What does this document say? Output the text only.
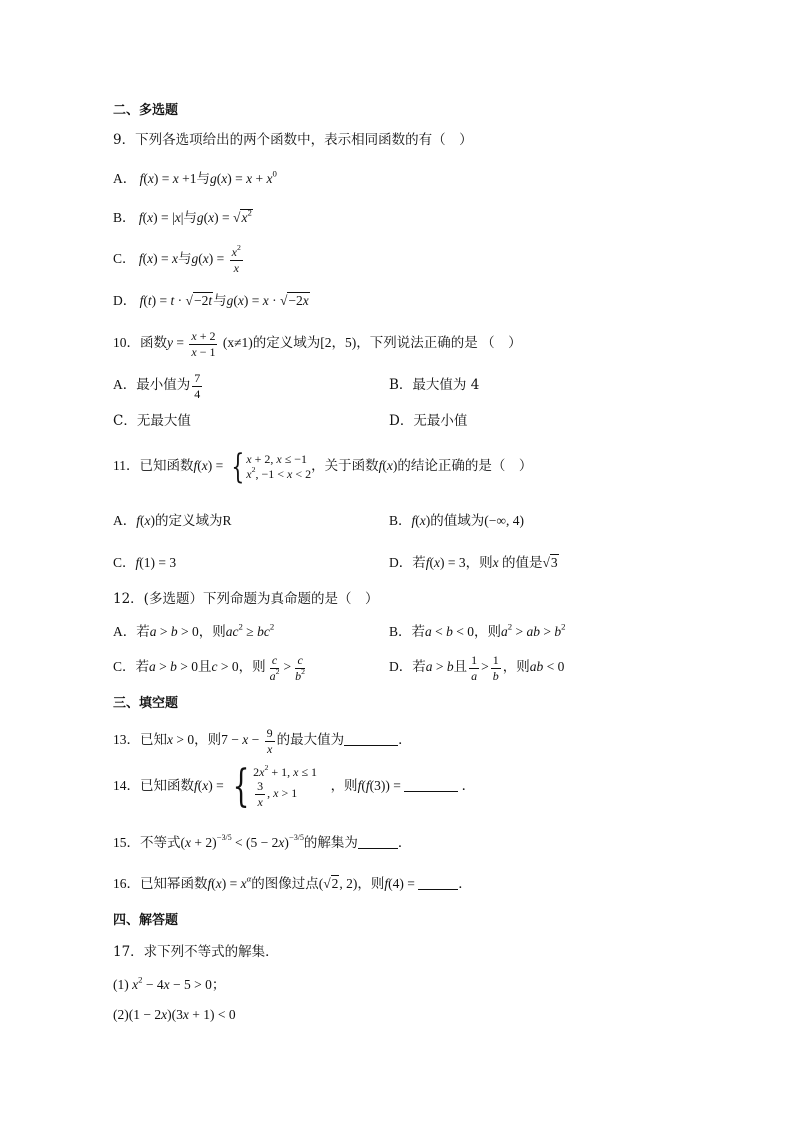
二、多选题
9．下列各选项给出的两个函数中，表示相同函数的有（　）
A． f(x) = x +1与$g(x) = x + x^0$
B． f(x) = |x|与$g(x) = √x^2$
C． f(x) = x与$g(x) = \frac{x^2}{x}$
D． f(t) = t · √−2t与g(x) = x · √−2x
10．函数$y = \frac{x + 2}{x - 1} (x\ne 1)$的定义域为[2，5)，下列说法正确的是 （　）
A．最小值为 $\frac{7}{4}$	B．最大值为 4
C．无最大值	D．无最小值
11．已知函数f(x) = { x + 2, x ≤ −1
$x^2$, −1 < x < 2
，关于函数f(x)的结论正确的是（　）
A．f(x)的定义域为R	B．f(x)的值域为(−∞, 4)
C．f(1) = 3	D．若f(x) = 3，则x 的值是√3
12．(多选题）下列命题为真命题的是（　）
A．若a > b > 0，则$ac^2 \ge bc^2$	B．若a < b < 0，则$a^2$ > ab > $b^2$
C．若a > b > 0且c > 0，则 $\frac{c}{a^2} > \frac{c}{b^2}$	D．若a > b且 $\frac{1}{a} > \frac{1}{b}$ ，则ab < 0
三、填空题
13．已知x > 0，则$7 - x - \frac{9}{x}$ 的最大值为	．
14．已知函数f(x) = { $2x^2 + 1$, x ≤ 1
$\frac{3}{x}$ , x > 1
，则f(f(3)) =	．
15．不等式$(x + 2)^{-3/5} < (5 - 2x)^{-3/5}$的解集为	．
16．已知幂函数$f(x) = x^\alpha$的图像过点(√2, 2)，则f(4) =	．
四、解答题
17．求下列不等式的解集．
(1) $x^2 - 4x - 5 > 0$；
(2)(1 − 2x)(3x + 1) < 0
